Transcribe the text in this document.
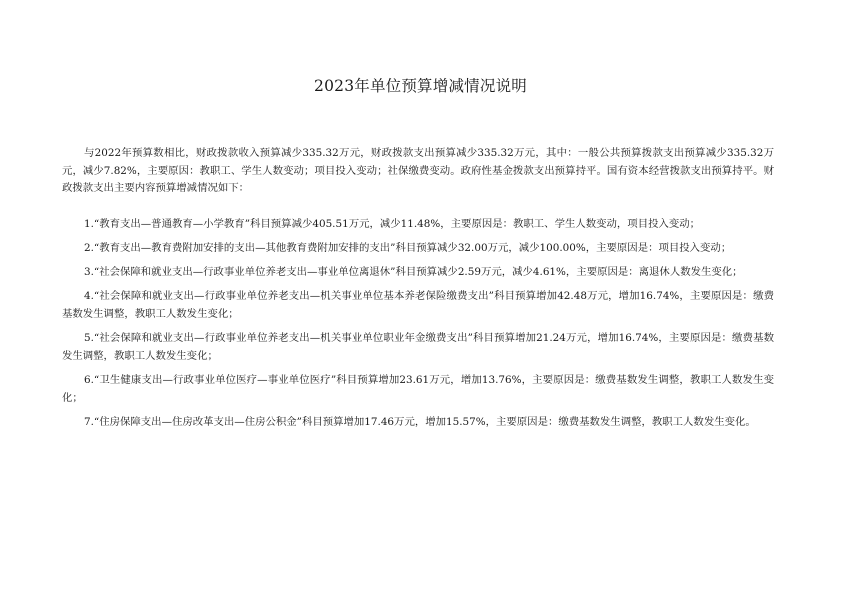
2023年单位预算增减情况说明

与2022年预算数相比，财政拨款收入预算减少335.32万元，财政拨款支出预算减少335.32万元，其中：一般公共预算拨款支出预算减少335.32万元，减少7.82%，主要原因：教职工、学生人数变动；项目投入变动；社保缴费变动。政府性基金拨款支出预算持平。国有资本经营拨款支出预算持平。财政拨款支出主要内容预算增减情况如下：

1.“教育支出—普通教育—小学教育”科目预算减少405.51万元，减少11.48%，主要原因是：教职工、学生人数变动，项目投入变动；

2.“教育支出—教育费附加安排的支出—其他教育费附加安排的支出”科目预算减少32.00万元，减少100.00%，主要原因是：项目投入变动；

3.“社会保障和就业支出—行政事业单位养老支出—事业单位离退休”科目预算减少2.59万元，减少4.61%，主要原因是：离退休人数发生变化；

4.“社会保障和就业支出—行政事业单位养老支出—机关事业单位基本养老保险缴费支出”科目预算增加42.48万元，增加16.74%，主要原因是：缴费基数发生调整，教职工人数发生变化；

5.“社会保障和就业支出—行政事业单位养老支出—机关事业单位职业年金缴费支出”科目预算增加21.24万元，增加16.74%，主要原因是：缴费基数发生调整，教职工人数发生变化；

6.“卫生健康支出—行政事业单位医疗—事业单位医疗”科目预算增加23.61万元，增加13.76%，主要原因是：缴费基数发生调整，教职工人数发生变化；

7.“住房保障支出—住房改革支出—住房公积金”科目预算增加17.46万元，增加15.57%，主要原因是：缴费基数发生调整，教职工人数发生变化。
